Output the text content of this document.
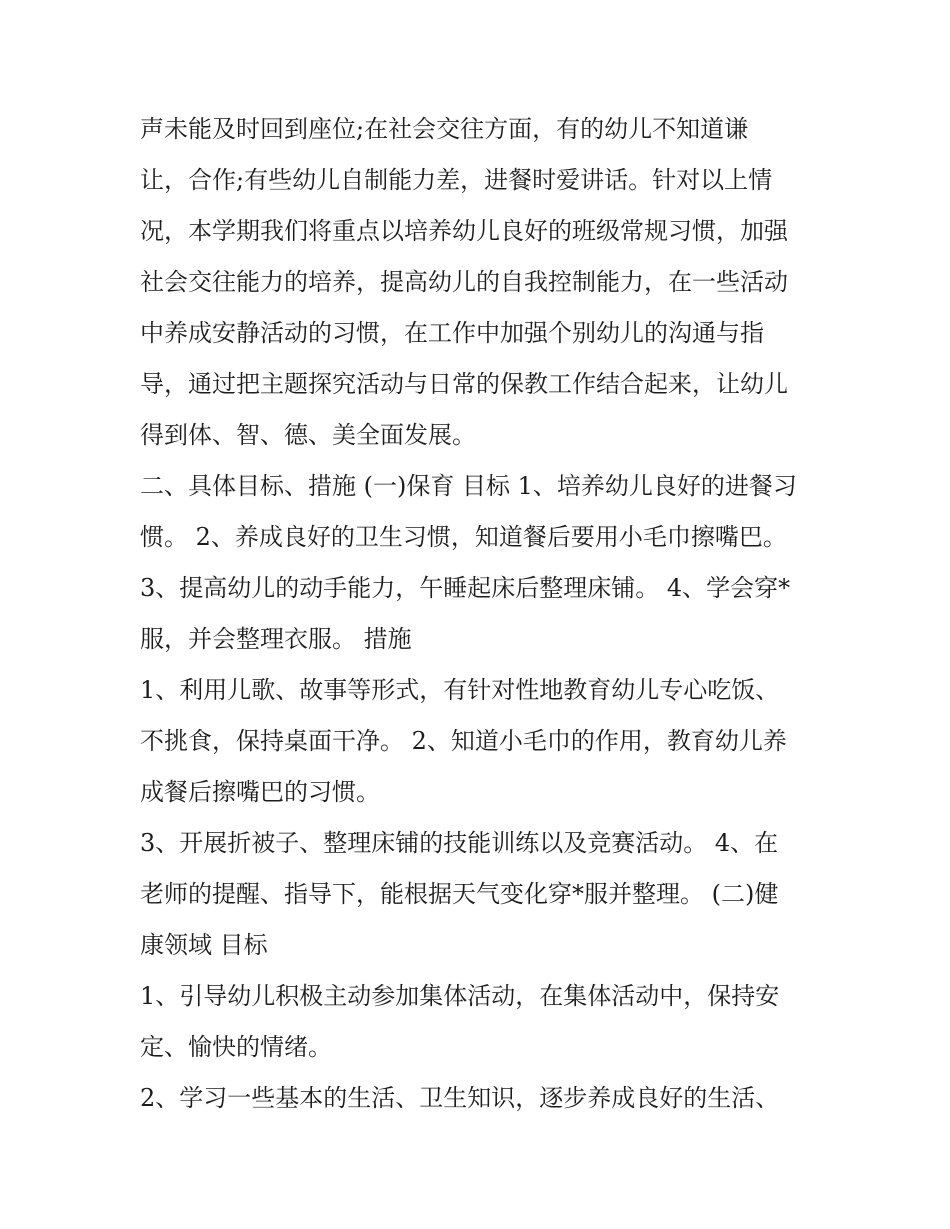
声未能及时回到座位;在社会交往方面，有的幼儿不知道谦
让，合作;有些幼儿自制能力差，进餐时爱讲话。针对以上情
况，本学期我们将重点以培养幼儿良好的班级常规习惯，加强
社会交往能力的培养，提高幼儿的自我控制能力，在一些活动
中养成安静活动的习惯，在工作中加强个别幼儿的沟通与指
导，通过把主题探究活动与日常的保教工作结合起来，让幼儿
得到体、智、德、美全面发展。
二、具体目标、措施 (一)保育 目标 1、培养幼儿良好的进餐习
惯。 2、养成良好的卫生习惯，知道餐后要用小毛巾擦嘴巴。
3、提高幼儿的动手能力，午睡起床后整理床铺。 4、学会穿*
服，并会整理衣服。 措施
1、利用儿歌、故事等形式，有针对性地教育幼儿专心吃饭、
不挑食，保持桌面干净。 2、知道小毛巾的作用，教育幼儿养
成餐后擦嘴巴的习惯。
3、开展折被子、整理床铺的技能训练以及竞赛活动。 4、在
老师的提醒、指导下，能根据天气变化穿*服并整理。 (二)健
康领域 目标
1、引导幼儿积极主动参加集体活动，在集体活动中，保持安
定、愉快的情绪。
2、学习一些基本的生活、卫生知识，逐步养成良好的生活、
